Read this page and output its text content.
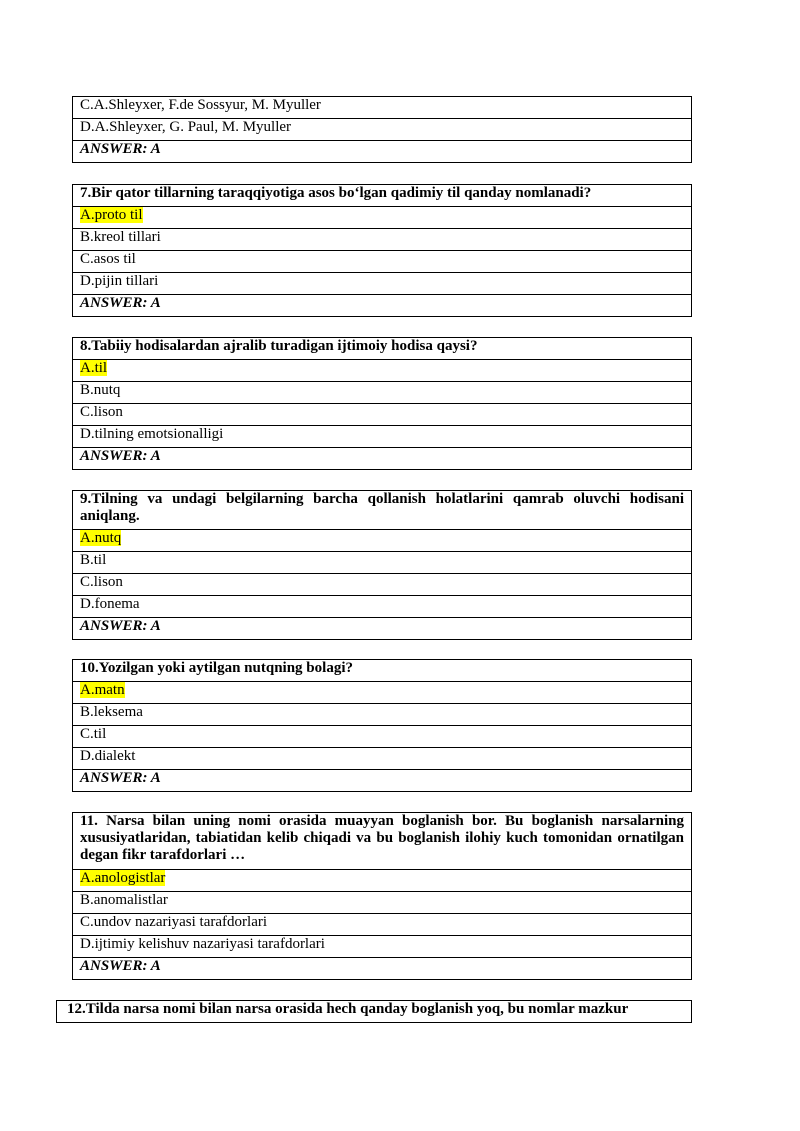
C.A.Shleyxer, F.de Sossyur, M. Myuller
D.A.Shleyxer, G. Paul, M. Myuller
ANSWER: A
7.Bir qator tillarning taraqqiyotiga asos boʻlgan qadimiy til qanday nomlanadi?
A.proto til
B.kreol tillari
C.asos til
D.pijin tillari
ANSWER: A
8.Tabiiy hodisalardan ajralib turadigan ijtimoiy hodisa qaysi?
A.til
B.nutq
C.lison
D.tilning emotsionalligi
ANSWER: A
9.Tilning va undagi belgilarning barcha qollanish holatlarini qamrab oluvchi hodisani aniqlang.
A.nutq
B.til
C.lison
D.fonema
ANSWER: A
10.Yozilgan yoki aytilgan nutqning bolagi?
A.matn
B.leksema
C.til
D.dialekt
ANSWER: A
11. Narsa bilan uning nomi orasida muayyan boglanish bor. Bu boglanish narsalarning xususiyatlaridan, tabiatidan kelib chiqadi va bu boglanish ilohiy kuch tomonidan ornatilgan degan fikr tarafdorlari …
A.anologistlar
B.anomalistlar
C.undov nazariyasi tarafdorlari
D.ijtimiy kelishuv nazariyasi tarafdorlari
ANSWER: A
12.Tilda narsa nomi bilan narsa orasida hech qanday boglanish yoq, bu nomlar mazkur
